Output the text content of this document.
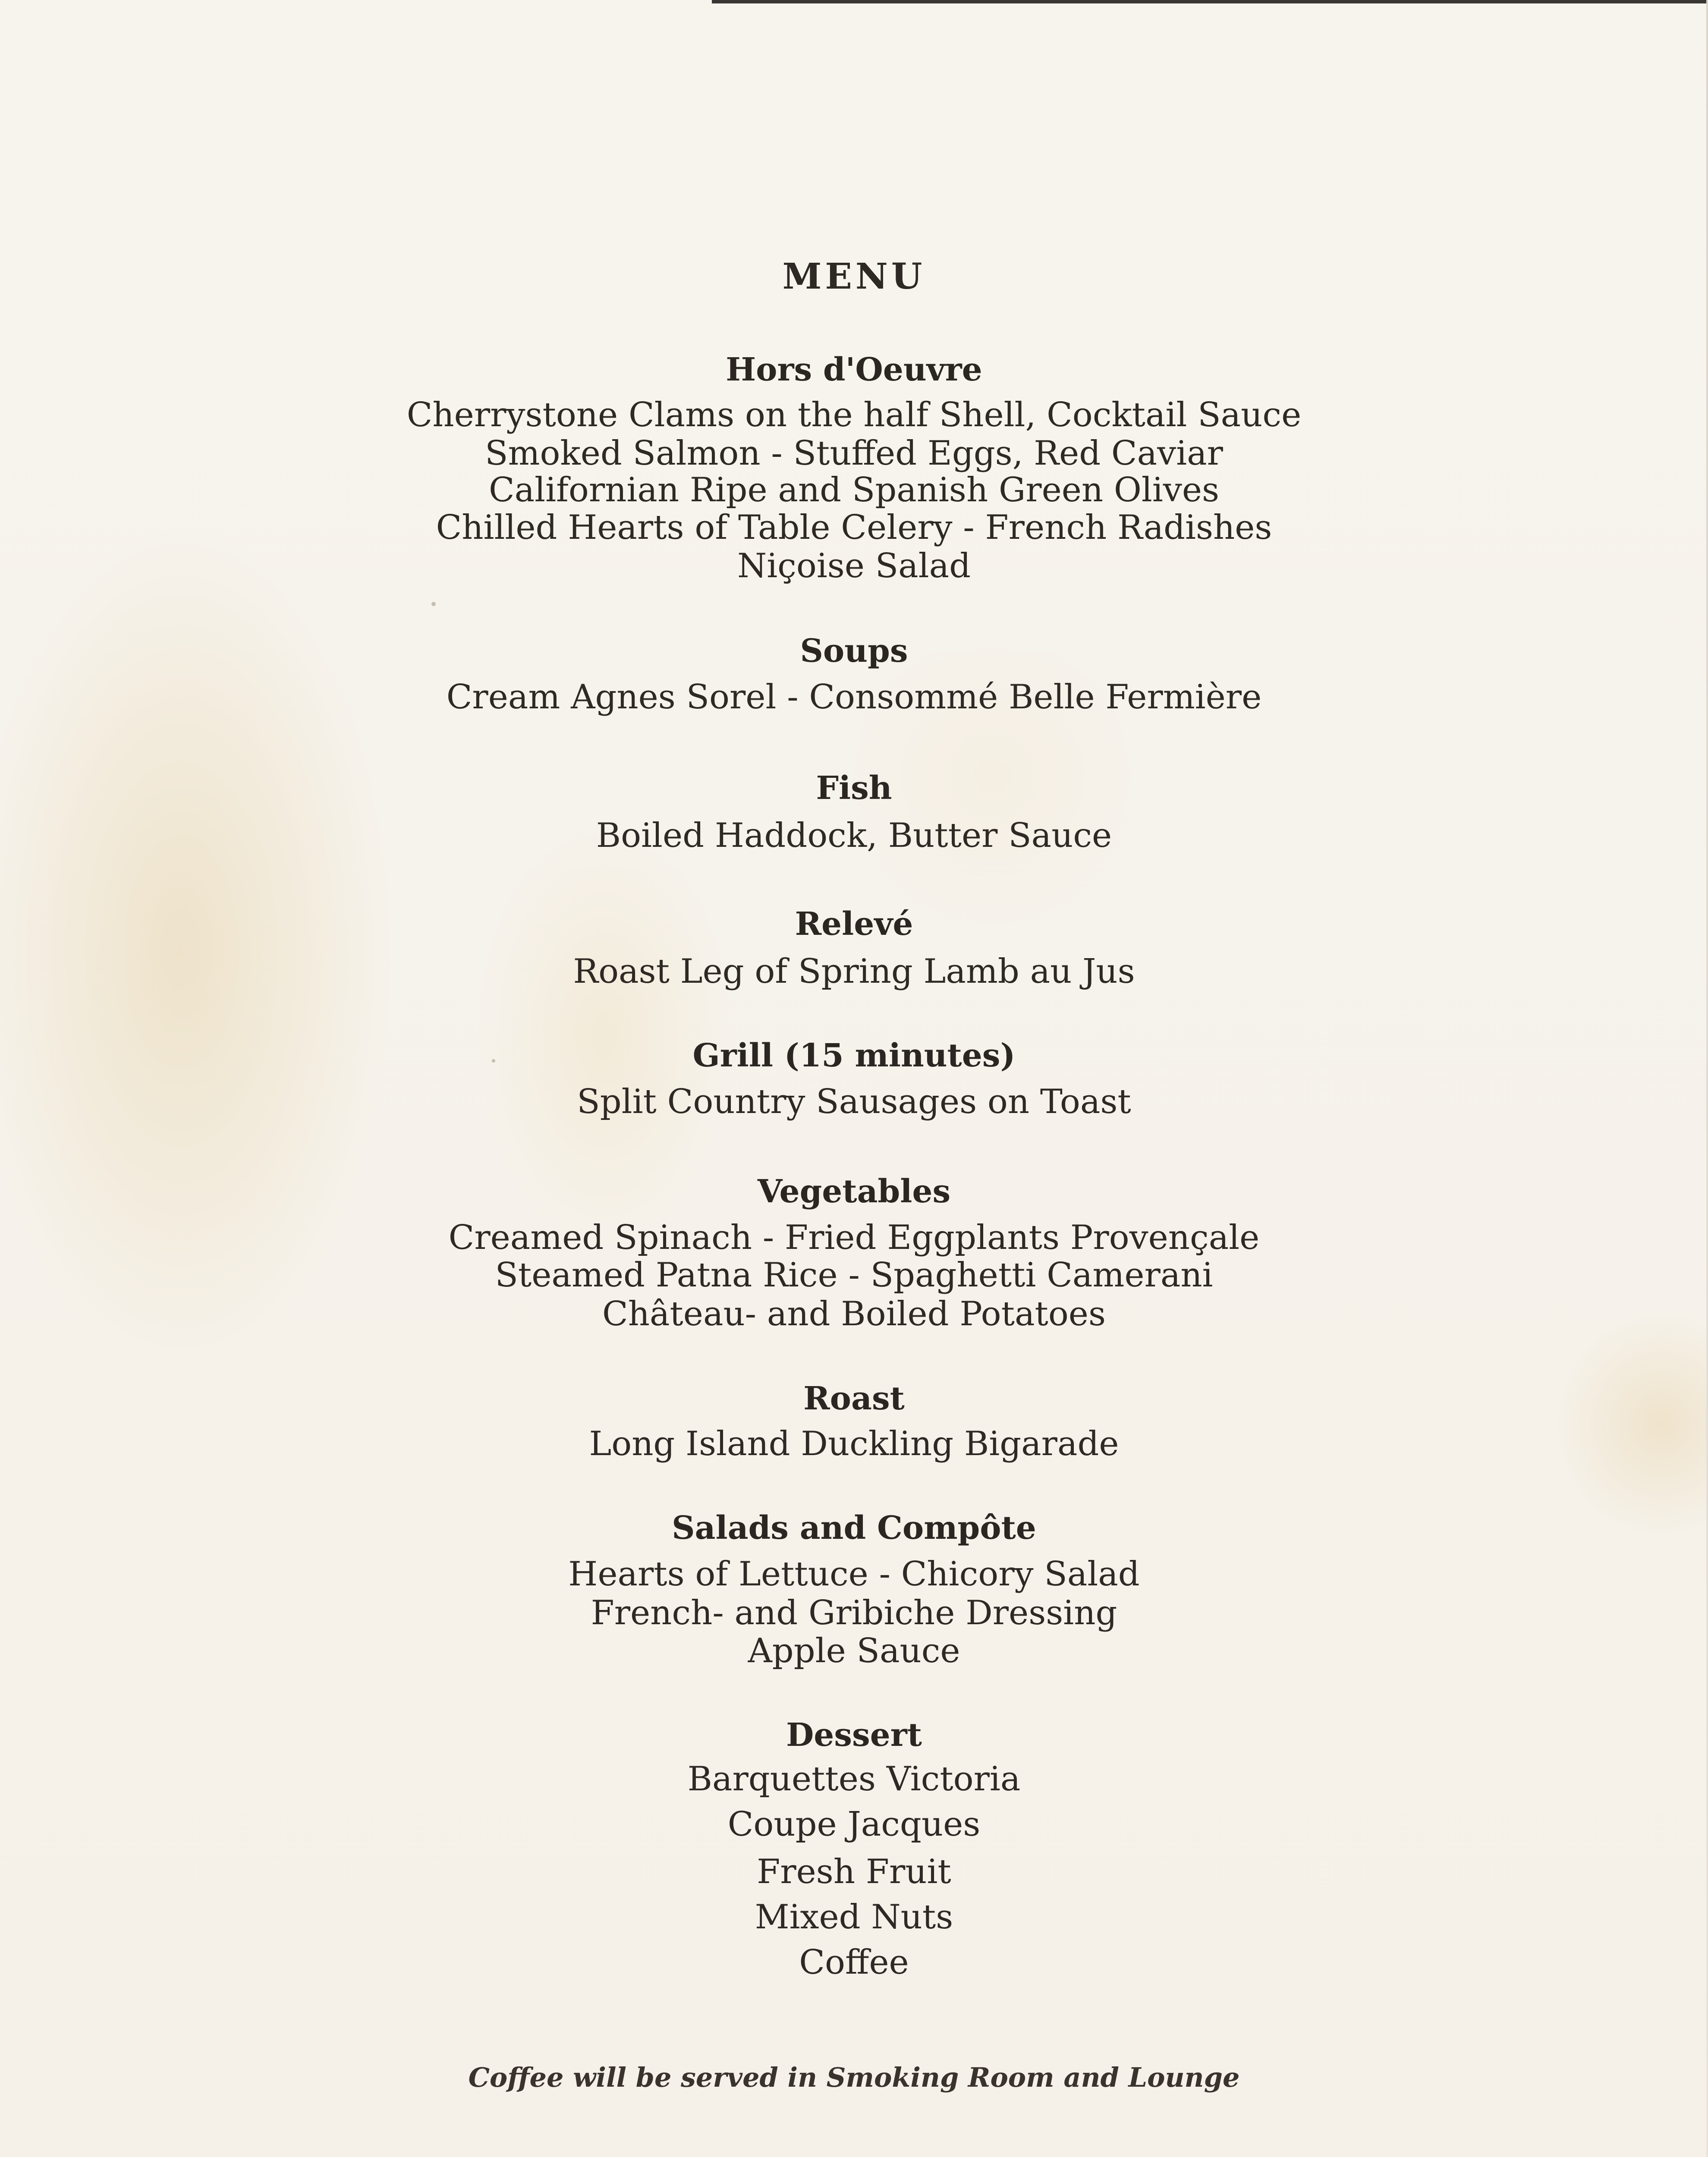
MENU
Hors d'Oeuvre
Cherrystone Clams on the half Shell, Cocktail Sauce
Smoked Salmon - Stuffed Eggs, Red Caviar
Californian Ripe and Spanish Green Olives
Chilled Hearts of Table Celery - French Radishes
Niçoise Salad
Soups
Cream Agnes Sorel - Consommé Belle Fermière
Fish
Boiled Haddock, Butter Sauce
Relevé
Roast Leg of Spring Lamb au Jus
Grill (15 minutes)
Split Country Sausages on Toast
Vegetables
Creamed Spinach - Fried Eggplants Provençale
Steamed Patna Rice - Spaghetti Camerani
Château- and Boiled Potatoes
Roast
Long Island Duckling Bigarade
Salads and Compôte
Hearts of Lettuce - Chicory Salad
French- and Gribiche Dressing
Apple Sauce
Dessert
Barquettes Victoria
Coupe Jacques
Fresh Fruit
Mixed Nuts
Coffee
Coffee will be served in Smoking Room and Lounge
